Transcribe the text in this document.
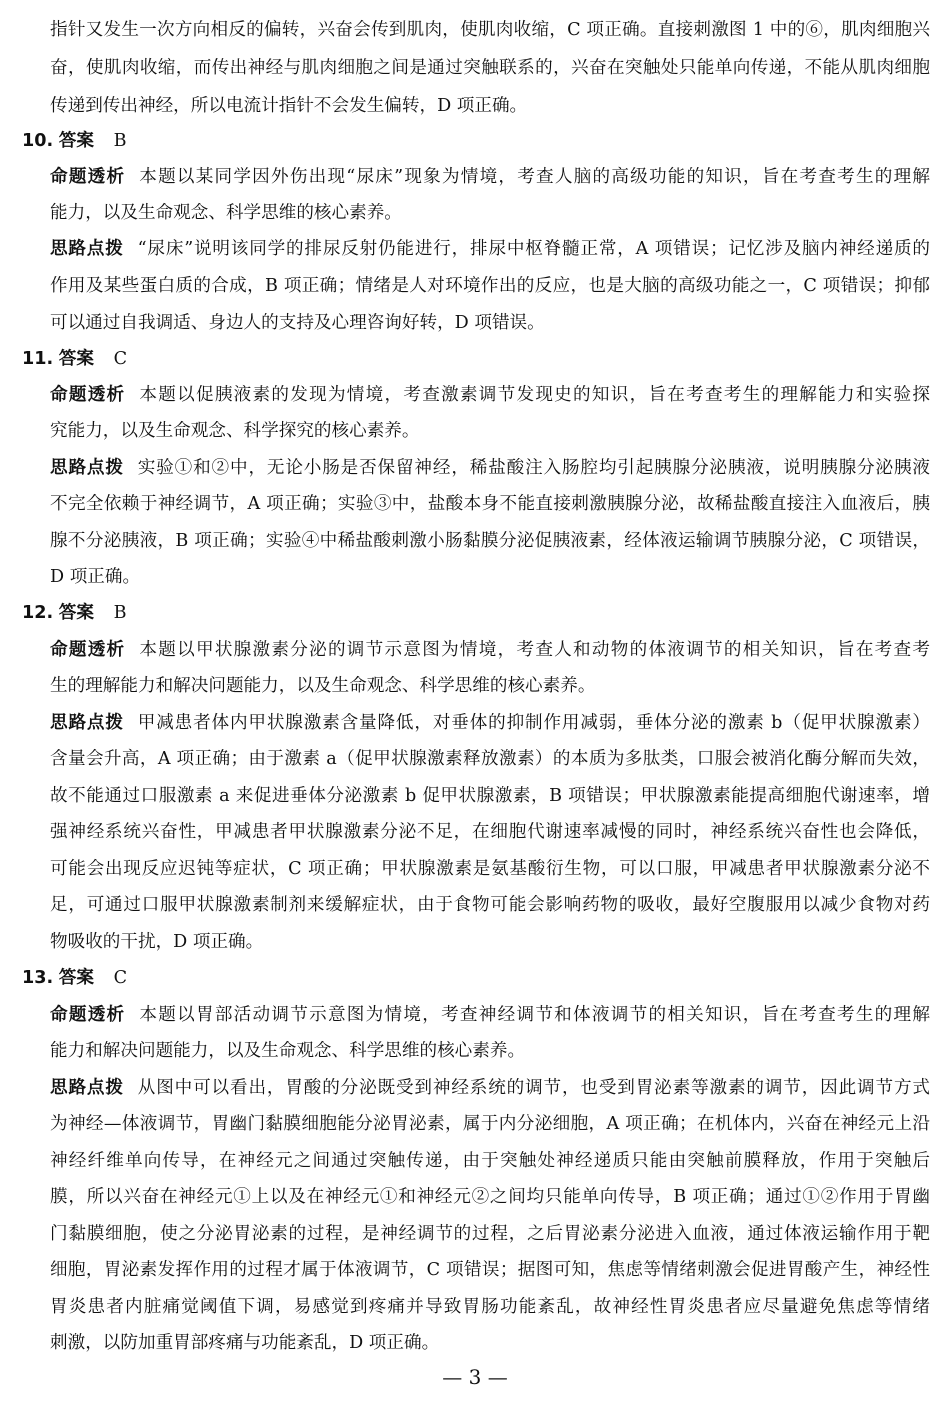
指针又发生一次方向相反的偏转，兴奋会传到肌肉，使肌肉收缩，C 项正确。直接刺激图 1 中的⑥，肌肉细胞兴
奋，使肌肉收缩，而传出神经与肌肉细胞之间是通过突触联系的，兴奋在突触处只能单向传递，不能从肌肉细胞
传递到传出神经，所以电流计指针不会发生偏转，D 项正确。
10. 答案 B
命题透析 本题以某同学因外伤出现“尿床”现象为情境，考查人脑的高级功能的知识，旨在考查考生的理解
能力，以及生命观念、科学思维的核心素养。
思路点拨 “尿床”说明该同学的排尿反射仍能进行，排尿中枢脊髓正常，A 项错误；记忆涉及脑内神经递质的
作用及某些蛋白质的合成，B 项正确；情绪是人对环境作出的反应，也是大脑的高级功能之一，C 项错误；抑郁
可以通过自我调适、身边人的支持及心理咨询好转，D 项错误。
11. 答案 C
命题透析 本题以促胰液素的发现为情境，考查激素调节发现史的知识，旨在考查考生的理解能力和实验探
究能力，以及生命观念、科学探究的核心素养。
思路点拨 实验①和②中，无论小肠是否保留神经，稀盐酸注入肠腔均引起胰腺分泌胰液，说明胰腺分泌胰液
不完全依赖于神经调节，A 项正确；实验③中，盐酸本身不能直接刺激胰腺分泌，故稀盐酸直接注入血液后，胰
腺不分泌胰液，B 项正确；实验④中稀盐酸刺激小肠黏膜分泌促胰液素，经体液运输调节胰腺分泌，C 项错误，
D 项正确。
12. 答案 B
命题透析 本题以甲状腺激素分泌的调节示意图为情境，考查人和动物的体液调节的相关知识，旨在考查考
生的理解能力和解决问题能力，以及生命观念、科学思维的核心素养。
思路点拨 甲减患者体内甲状腺激素含量降低，对垂体的抑制作用减弱，垂体分泌的激素 b（促甲状腺激素）
含量会升高，A 项正确；由于激素 a（促甲状腺激素释放激素）的本质为多肽类，口服会被消化酶分解而失效，
故不能通过口服激素 a 来促进垂体分泌激素 b 促甲状腺激素，B 项错误；甲状腺激素能提高细胞代谢速率，增
强神经系统兴奋性，甲减患者甲状腺激素分泌不足，在细胞代谢速率减慢的同时，神经系统兴奋性也会降低，
可能会出现反应迟钝等症状，C 项正确；甲状腺激素是氨基酸衍生物，可以口服，甲减患者甲状腺激素分泌不
足，可通过口服甲状腺激素制剂来缓解症状，由于食物可能会影响药物的吸收，最好空腹服用以减少食物对药
物吸收的干扰，D 项正确。
13. 答案 C
命题透析 本题以胃部活动调节示意图为情境，考查神经调节和体液调节的相关知识，旨在考查考生的理解
能力和解决问题能力，以及生命观念、科学思维的核心素养。
思路点拨 从图中可以看出，胃酸的分泌既受到神经系统的调节，也受到胃泌素等激素的调节，因此调节方式
为神经—体液调节，胃幽门黏膜细胞能分泌胃泌素，属于内分泌细胞，A 项正确；在机体内，兴奋在神经元上沿
神经纤维单向传导，在神经元之间通过突触传递，由于突触处神经递质只能由突触前膜释放，作用于突触后
膜，所以兴奋在神经元①上以及在神经元①和神经元②之间均只能单向传导，B 项正确；通过①②作用于胃幽
门黏膜细胞，使之分泌胃泌素的过程，是神经调节的过程，之后胃泌素分泌进入血液，通过体液运输作用于靶
细胞，胃泌素发挥作用的过程才属于体液调节，C 项错误；据图可知，焦虑等情绪刺激会促进胃酸产生，神经性
胃炎患者内脏痛觉阈值下调，易感觉到疼痛并导致胃肠功能紊乱，故神经性胃炎患者应尽量避免焦虑等情绪
刺激，以防加重胃部疼痛与功能紊乱，D 项正确。
— 3 —
